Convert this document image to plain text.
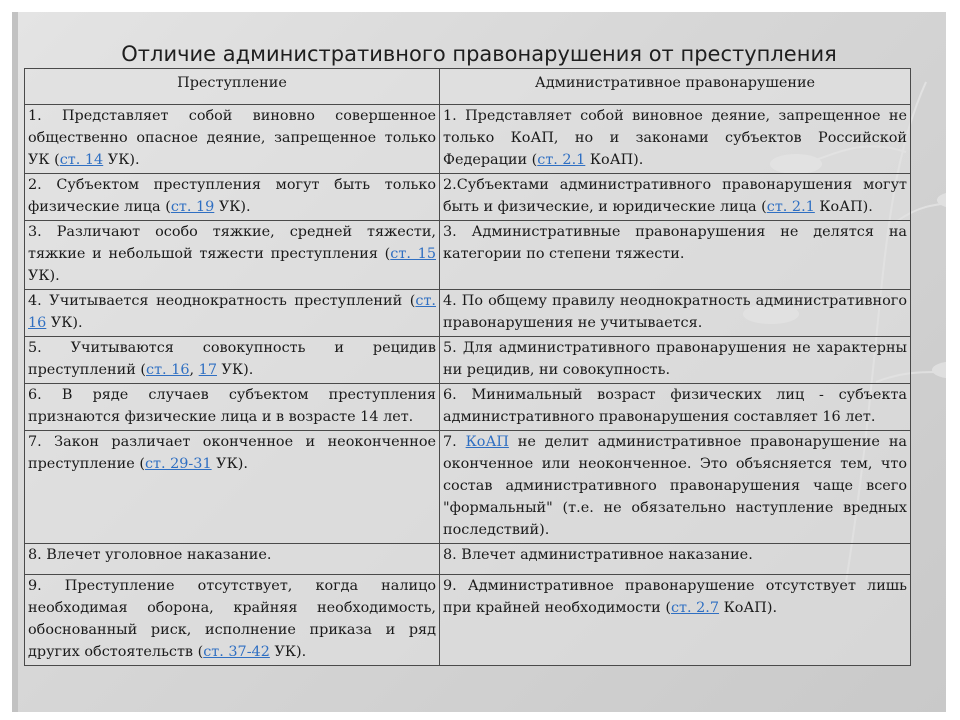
Отличие административного правонарушения от преступления
Преступление	Административное правонарушение
1. Представляет собой виновно совершенное общественно опасное деяние, запрещенное только УК (ст. 14 УК).	1. Представляет собой виновное деяние, запрещенное не только КоАП, но и законами субъектов Российской Федерации (ст. 2.1 КоАП).
2. Субъектом преступления могут быть только физические лица (ст. 19 УК).	2.Субъектами административного правонарушения могут быть и физические, и юридические лица (ст. 2.1 КоАП).
3. Различают особо тяжкие, средней тяжести, тяжкие и небольшой тяжести преступления (ст. 15 УК).	3. Административные правонарушения не делятся на категории по степени тяжести.
4. Учитывается неоднократность преступлений (ст. 16 УК).	4. По общему правилу неоднократность административного правонарушения не учитывается.
5. Учитываются совокупность и рецидив преступлений (ст. 16, 17 УК).	5. Для административного правонарушения не характерны ни рецидив, ни совокупность.
6. В ряде случаев субъектом преступления признаются физические лица и в возрасте 14 лет.	6. Минимальный возраст физических лиц - субъекта административного правонарушения составляет 16 лет.
7. Закон различает оконченное и неоконченное преступление (ст. 29-31 УК).	7. КоАП не делит административное правонарушение на оконченное или неоконченное. Это объясняется тем, что состав административного правонарушения чаще всего "формальный" (т.е. не обязательно наступление вредных последствий).
8. Влечет уголовное наказание.	8. Влечет административное наказание.
9. Преступление отсутствует, когда налицо необходимая оборона, крайняя необходимость, обоснованный риск, исполнение приказа и ряд других обстоятельств (ст. 37-42 УК).	9. Административное правонарушение отсутствует лишь при крайней необходимости (ст. 2.7 КоАП).
